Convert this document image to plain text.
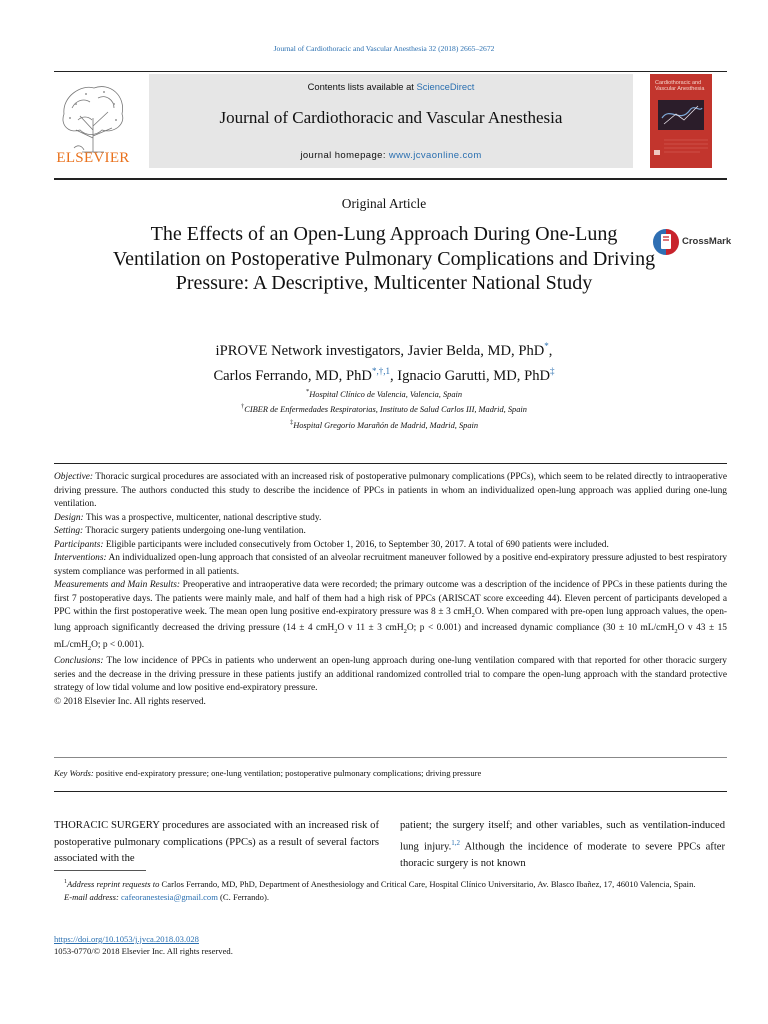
Journal of Cardiothoracic and Vascular Anesthesia 32 (2018) 2665–2672
ELSEVIER
Contents lists available at ScienceDirect
Journal of Cardiothoracic and Vascular Anesthesia
journal homepage: www.jcvaonline.com
Cardiothoracic and Vascular Anesthesia
Original Article
The Effects of an Open-Lung Approach During One-Lung Ventilation on Postoperative Pulmonary Complications and Driving Pressure: A Descriptive, Multicenter National Study
CrossMark
iPROVE Network investigators, Javier Belda, MD, PhD*,
Carlos Ferrando, MD, PhD$^{*,\dagger,1}$, Ignacio Garutti, MD, PhD‡
*Hospital Clínico de Valencia, Valencia, Spain
†CIBER de Enfermedades Respiratorias, Instituto de Salud Carlos III, Madrid, Spain
‡Hospital Gregorio Marañón de Madrid, Madrid, Spain

Objective: Thoracic surgical procedures are associated with an increased risk of postoperative pulmonary complications (PPCs), which seem to be related directly to intraoperative driving pressure. The authors conducted this study to describe the incidence of PPCs in patients in whom an individualized open-lung approach was applied during one-lung ventilation.

Design: This was a prospective, multicenter, national descriptive study.

Setting: Thoracic surgery patients undergoing one-lung ventilation.

Participants: Eligible participants were included consecutively from October 1, 2016, to September 30, 2017. A total of 690 patients were included.

Interventions: An individualized open-lung approach that consisted of an alveolar recruitment maneuver followed by a positive end-expiratory pressure adjusted to best respiratory system compliance was performed in all patients.

Measurements and Main Results: Preoperative and intraoperative data were recorded; the primary outcome was a description of the incidence of PPCs in these patients during the first 7 postoperative days. The patients were mainly male, and half of them had a high risk of PPCs (ARISCAT score exceeding 44). Eleven percent of participants developed a PPC within the first postoperative week. The mean open lung positive end-expiratory pressure was 8 ± 3 cmH$_2$O. When compared with pre-open lung approach values, the open-lung approach significantly decreased the driving pressure (14 ± 4 cmH$_2$O v 11 ± 3 cmH$_2$O; p < 0.001) and increased dynamic compliance (30 ± 10 mL/cmH$_2$O v 43 ± 15 mL/cmH$_2$O; p < 0.001).

Conclusions: The low incidence of PPCs in patients who underwent an open-lung approach during one-lung ventilation compared with that reported for other thoracic surgery series and the decrease in the driving pressure in these patients justify an additional randomized controlled trial to compare the open-lung approach with the standard protective strategy of low tidal volume and low positive end-expiratory pressure.

© 2018 Elsevier Inc. All rights reserved.

Key Words: positive end-expiratory pressure; one-lung ventilation; postoperative pulmonary complications; driving pressure
THORACIC SURGERY procedures are associated with an increased risk of postoperative pulmonary complications (PPCs) as a result of several factors associated with the
patient; the surgery itself; and other variables, such as ventilation-induced lung injury.$^{1,2}$ Although the incidence of moderate to severe PPCs after thoracic surgery is not known
$^1$Address reprint requests to Carlos Ferrando, MD, PhD, Department of Anesthesiology and Critical Care, Hospital Clínico Universitario, Av. Blasco Ibañez, 17, 46010 Valencia, Spain.
E-mail address: cafeoranestesia@gmail.com (C. Ferrando).
https://doi.org/10.1053/j.jvca.2018.03.028
1053-0770/© 2018 Elsevier Inc. All rights reserved.
